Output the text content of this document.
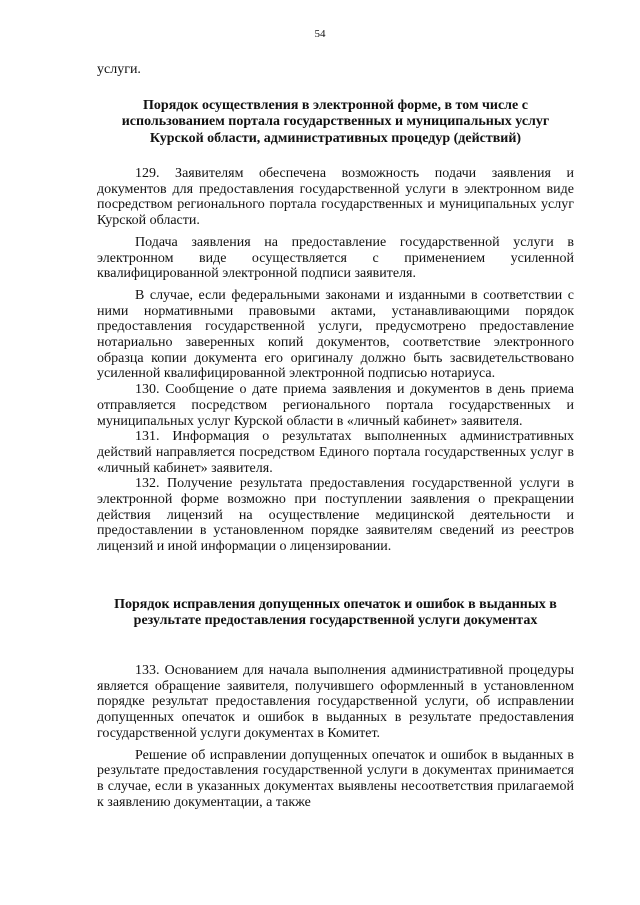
54

услуги.

Порядок осуществления в электронной форме, в том числе с использованием портала государственных и муниципальных услуг Курской области, административных процедур (действий)

129. Заявителям обеспечена возможность подачи заявления и документов для предоставления государственной услуги в электронном виде посредством регионального портала государственных и муниципальных услуг Курской области.

Подача заявления на предоставление государственной услуги в электронном виде осуществляется с применением усиленной квалифицированной электронной подписи заявителя.

В случае, если федеральными законами и изданными в соответствии с ними нормативными правовыми актами, устанавливающими порядок предоставления государственной услуги, предусмотрено предоставление нотариально заверенных копий документов, соответствие электронного образца копии документа его оригиналу должно быть засвидетельствовано усиленной квалифицированной электронной подписью нотариуса.

130. Сообщение о дате приема заявления и документов в день приема отправляется посредством регионального портала государственных и муниципальных услуг Курской области в «личный кабинет» заявителя.

131. Информация о результатах выполненных административных действий направляется посредством Единого портала государственных услуг в «личный кабинет» заявителя.

132. Получение результата предоставления государственной услуги в электронной форме возможно при поступлении заявления о прекращении действия лицензий на осуществление медицинской деятельности и предоставлении в установленном порядке заявителям сведений из реестров лицензий и иной информации о лицензировании.

Порядок исправления допущенных опечаток и ошибок в выданных в результате предоставления государственной услуги документах

133. Основанием для начала выполнения административной процедуры является обращение заявителя, получившего оформленный в установленном порядке результат предоставления государственной услуги, об исправлении допущенных опечаток и ошибок в выданных в результате предоставления государственной услуги документах в Комитет.

Решение об исправлении допущенных опечаток и ошибок в выданных в результате предоставления государственной услуги в документах принимается в случае, если в указанных документах выявлены несоответствия прилагаемой к заявлению документации, а также
